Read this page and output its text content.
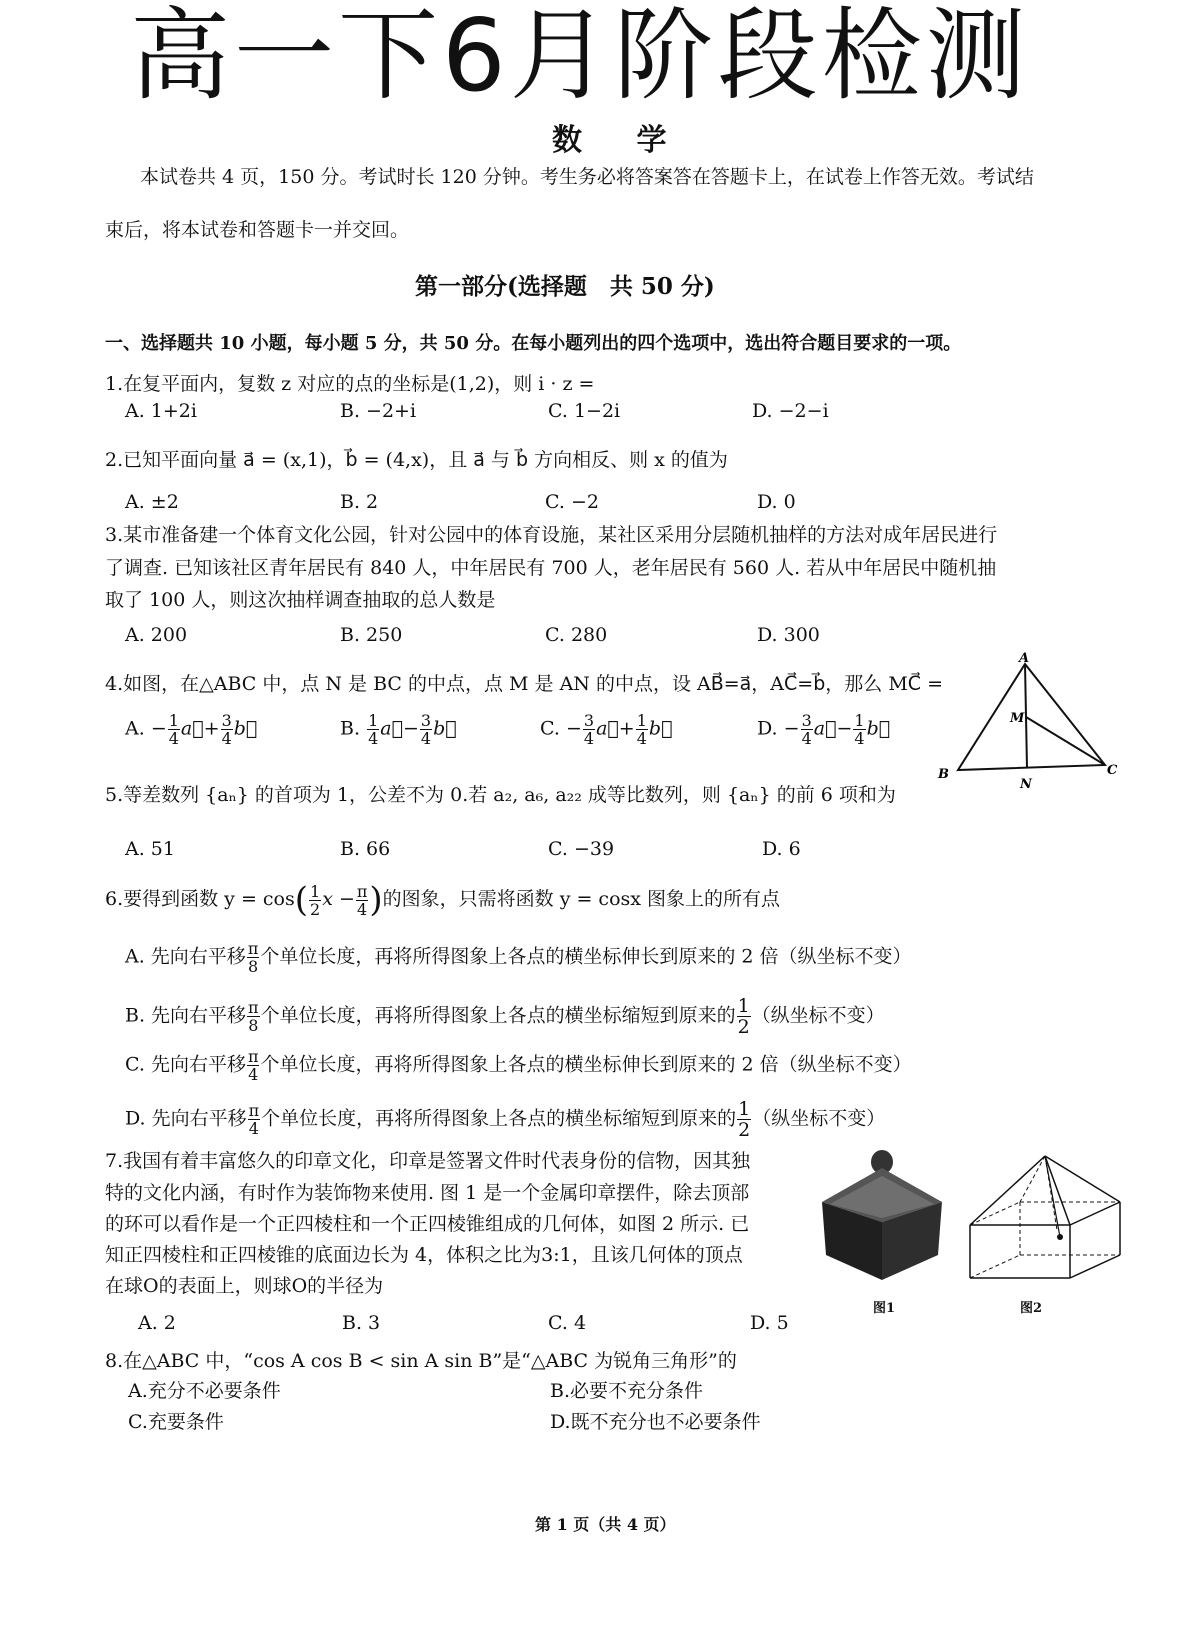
高一下6月阶段检测
数 学
本试卷共 4 页，150 分。考试时长 120 分钟。考生务必将答案答在答题卡上，在试卷上作答无效。考试结
束后，将本试卷和答题卡一并交回。
第一部分(选择题　共 50 分)
一、选择题共 10 小题，每小题 5 分，共 50 分。在每小题列出的四个选项中，选出符合题目要求的一项。
1.在复平面内，复数 z 对应的点的坐标是(1,2)，则 i · z =
A. 1+2i	B. −2+i	C. 1−2i	D. −2−i
2.已知平面向量 a⃗ = (x,1)，b⃗ = (4,x)，且 a⃗ 与 b⃗ 方向相反、则 x 的值为
A. ±2	B. 2	C. −2	D. 0
3.某市准备建一个体育文化公园，针对公园中的体育设施，某社区采用分层随机抽样的方法对成年居民进行
了调查. 已知该社区青年居民有 840 人，中年居民有 700 人，老年居民有 560 人. 若从中年居民中随机抽
取了 100 人，则这次抽样调查抽取的总人数是
A. 200	B. 250	C. 280	D. 300
4.如图，在△ABC 中，点 N 是 BC 的中点，点 M 是 AN 的中点，设 AB⃗=a⃗，AC⃗=b⃗，那么 MC⃗ =
A. − $\frac{1}{4}$ a⃗+ $\frac{3}{4}$ b⃗	B. $\frac{1}{4}$ a⃗− $\frac{3}{4}$ b⃗	C. − $\frac{3}{4}$ a⃗+ $\frac{1}{4}$ b⃗	D. − $\frac{3}{4}$ a⃗− $\frac{1}{4}$ b⃗
A
B	C
M
N
5.等差数列 {aₙ} 的首项为 1，公差不为 0.若 a₂, a₆, a₂₂ 成等比数列，则 {aₙ} 的前 6 项和为
A. 51	B. 66	C. −39	D. 6
6.要得到函数 $y = \cos( \frac{1}{2}$ $x - \frac{\pi}{4}$ )的图象，只需将函数 y = cosx 图象上的所有点
A. 先向右平移 $\frac{\pi}{8}$ 个单位长度，再将所得图象上各点的横坐标伸长到原来的 2 倍（纵坐标不变）
B. 先向右平移 $\frac{\pi}{8}$ 个单位长度，再将所得图象上各点的横坐标缩短到原来的 $\frac{1}{2}$ （纵坐标不变）
C. 先向右平移 $\frac{\pi}{4}$ 个单位长度，再将所得图象上各点的横坐标伸长到原来的 2 倍（纵坐标不变）
D. 先向右平移 $\frac{\pi}{4}$ 个单位长度，再将所得图象上各点的横坐标缩短到原来的 $\frac{1}{2}$ （纵坐标不变）
7.我国有着丰富悠久的印章文化，印章是签署文件时代表身份的信物，因其独
特的文化内涵，有时作为装饰物来使用. 图 1 是一个金属印章摆件，除去顶部
的环可以看作是一个正四棱柱和一个正四棱锥组成的几何体，如图 2 所示. 已
知正四棱柱和正四棱锥的底面边长为 4，体积之比为3:1，且该几何体的顶点
在球O的表面上，则球O的半径为
A. 2	B. 3	C. 4	D. 5
图1	图2
8.在△ABC 中，“cos A cos B < sin A sin B”是“△ABC 为锐角三角形”的
A.充分不必要条件	B.必要不充分条件
C.充要条件	D.既不充分也不必要条件
第 1 页（共 4 页）
